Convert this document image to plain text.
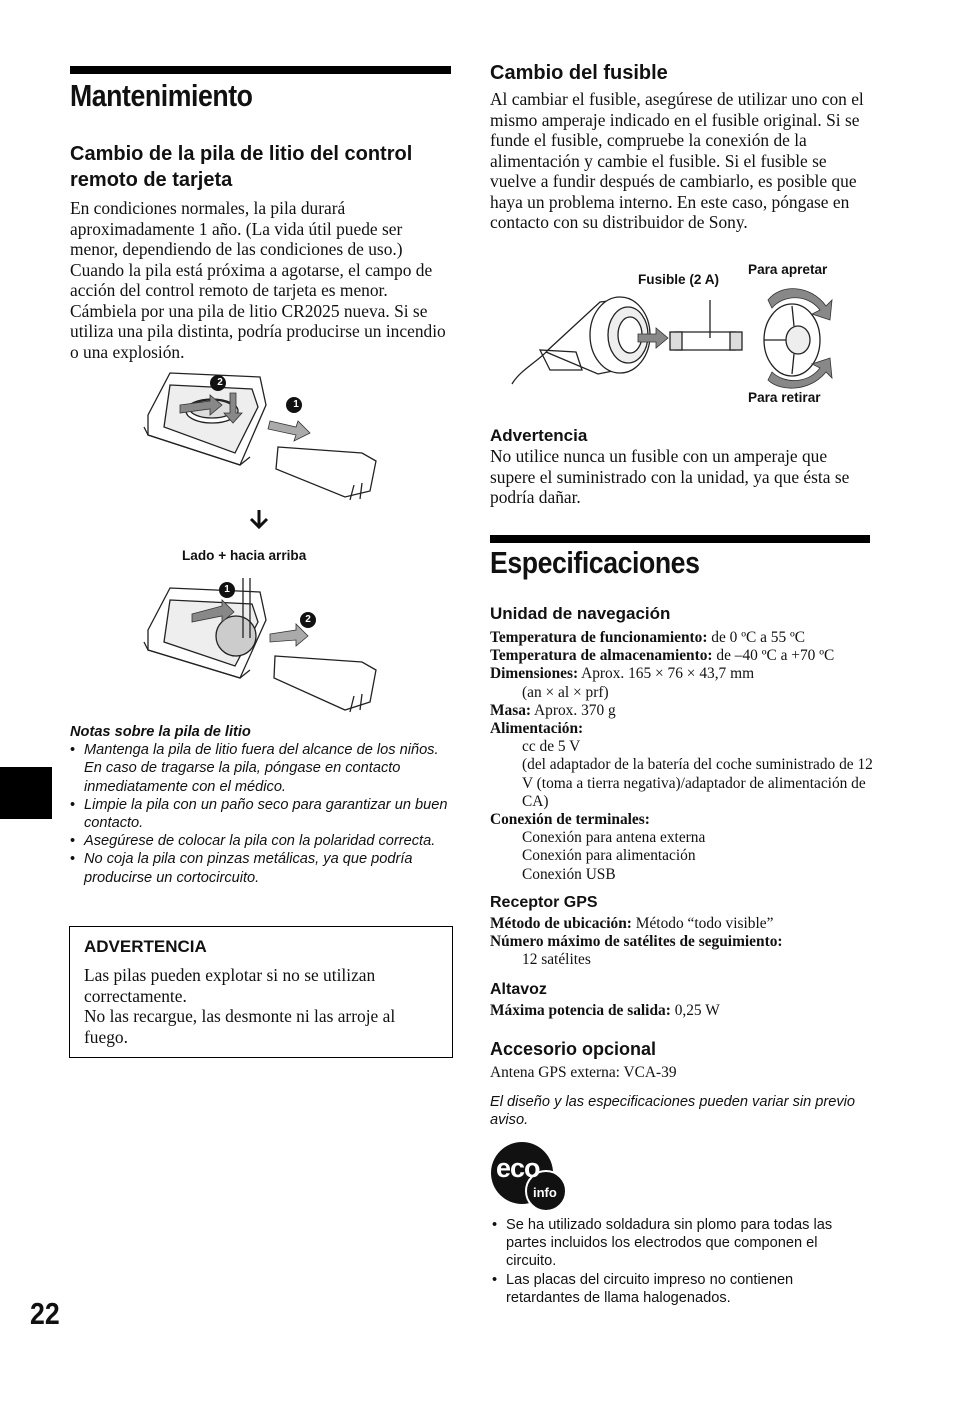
Mantenimiento
Cambio de la pila de litio del control remoto de tarjeta
En condiciones normales, la pila durará aproximadamente 1 año. (La vida útil puede ser menor, dependiendo de las condiciones de uso.) Cuando la pila está próxima a agotarse, el campo de acción del control remoto de tarjeta es menor. Cámbiela por una pila de litio CR2025 nueva. Si se utiliza una pila distinta, podría producirse un incendio o una explosión.
2
1
Lado + hacia arriba
1
2
Notas sobre la pila de litio
• Mantenga la pila de litio fuera del alcance de los niños. En caso de tragarse la pila, póngase en contacto inmediatamente con el médico.
• Limpie la pila con un paño seco para garantizar un buen contacto.
• Asegúrese de colocar la pila con la polaridad correcta.
• No coja la pila con pinzas metálicas, ya que podría producirse un cortocircuito.
ADVERTENCIA
Las pilas pueden explotar si no se utilizan correctamente.
No las recargue, las desmonte ni las arroje al fuego.
22
Cambio del fusible
Al cambiar el fusible, asegúrese de utilizar uno con el mismo amperaje indicado en el fusible original. Si se funde el fusible, compruebe la conexión de la alimentación y cambie el fusible. Si el fusible se vuelve a fundir después de cambiarlo, es posible que haya un problema interno. En este caso, póngase en contacto con su distribuidor de Sony.
Fusible (2 A)
Para apretar
Para retirar
Advertencia
No utilice nunca un fusible con un amperaje que supere el suministrado con la unidad, ya que ésta se podría dañar.
Especificaciones
Unidad de navegación
Temperatura de funcionamiento: de 0 ºC a 55 ºC
Temperatura de almacenamiento: de –40 ºC a +70 ºC
Dimensiones: Aprox. 165 × 76 × 43,7 mm
(an × al × prf)
Masa: Aprox. 370 g
Alimentación:
cc de 5 V
(del adaptador de la batería del coche suministrado de 12 V (toma a tierra negativa)/adaptador de alimentación de CA)
Conexión de terminales:
Conexión para antena externa
Conexión para alimentación
Conexión USB
Receptor GPS
Método de ubicación: Método “todo visible”
Número máximo de satélites de seguimiento:
12 satélites
Altavoz
Máxima potencia de salida: 0,25 W
Accesorio opcional
Antena GPS externa: VCA-39
El diseño y las especificaciones pueden variar sin previo aviso.
eco
info
• Se ha utilizado soldadura sin plomo para todas las partes incluidos los electrodos que componen el circuito.
• Las placas del circuito impreso no contienen retardantes de llama halogenados.
